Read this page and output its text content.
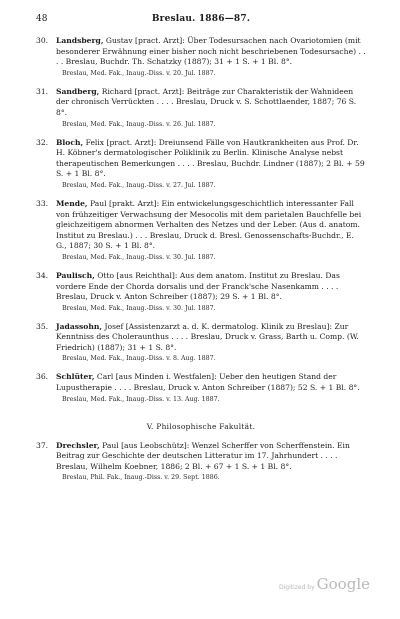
48	Breslau. 1886—87.
30. Landsberg, Gustav [pract. Arzt]: Über Todesursachen nach Ovariotomien (mit besonderer Erwähnung einer bisher noch nicht beschriebenen Todesursache) . . . . Breslau, Buchdr. Th. Schatzky (1887); 31 + 1 S. + 1 Bl. 8°.
Breslau, Med. Fak., Inaug.-Diss. v. 20. Jul. 1887.
31. Sandberg, Richard [pract. Arzt]: Beiträge zur Charakteristik der Wahnideen der chronisch Verrückten . . . . Breslau, Druck v. S. Schottlaender, 1887; 76 S. 8°.
Breslau, Med. Fak., Inaug.-Diss. v. 26. Jul. 1887.
32. Bloch, Felix [pract. Arzt]: Dreiunsend Fälle von Hautkrankheiten aus Prof. Dr. H. Köbner's dermatologischer Poliklinik zu Berlin. Klinische Analyse nebst therapeutischen Bemerkungen . . . . Breslau, Buchdr. Lindner (1887); 2 Bl. + 59 S. + 1 Bl. 8°.
Breslau, Med. Fak., Inaug.-Diss. v. 27. Jul. 1887.
33. Mende, Paul [prakt. Arzt]: Ein entwickelungsgeschichtlich interessanter Fall von frühzeitiger Verwachsung der Mesocolis mit dem parietalen Bauchfelle bei gleichzeitigem abnormen Verhalten des Netzes und der Leber. (Aus d. anatom. Institut zu Breslau.) . . . Breslau, Druck d. Bresl. Genossenschafts-Buchdr., E. G., 1887; 30 S. + 1 Bl. 8°.
Breslau, Med. Fak., Inaug.-Diss. v. 30. Jul. 1887.
34. Paulisch, Otto [aus Reichthal]: Aus dem anatom. Institut zu Breslau. Das vordere Ende der Chorda dorsalis und der Franck'sche Nasenkamm . . . . Breslau, Druck v. Anton Schreiber (1887); 29 S. + 1 Bl. 8°.
Breslau, Med. Fak., Inaug.-Diss. v. 30. Jul. 1887.
35. Jadassohn, Josef [Assistenzarzt a. d. K. dermatolog. Klinik zu Breslau]: Zur Kenntniss des Choleraunthus . . . . Breslau, Druck v. Grass, Barth u. Comp. (W. Friedrich) (1887); 31 + 1 S. 8°.
Breslau, Med. Fak., Inaug.-Diss. v. 8. Aug. 1887.
36. Schlüter, Carl [aus Minden i. Westfalen]: Ueber den heutigen Stand der Lupustherapie . . . . Breslau, Druck v. Anton Schreiber (1887); 52 S. + 1 Bl. 8°.
Breslau, Med. Fak., Inaug.-Diss. v. 13. Aug. 1887.
V. Philosophische Fakultät.
37. Drechsler, Paul [aus Leobschütz]: Wenzel Scherffer von Scherffenstein. Ein Beitrag zur Geschichte der deutschen Litteratur im 17. Jahrhundert . . . . Breslau, Wilhelm Koebner, 1886; 2 Bl. + 67 + 1 S. + 1 Bl. 8°.
Breslau, Phil. Fak., Inaug.-Diss. v. 29. Sept. 1886.
Digitized by Google
